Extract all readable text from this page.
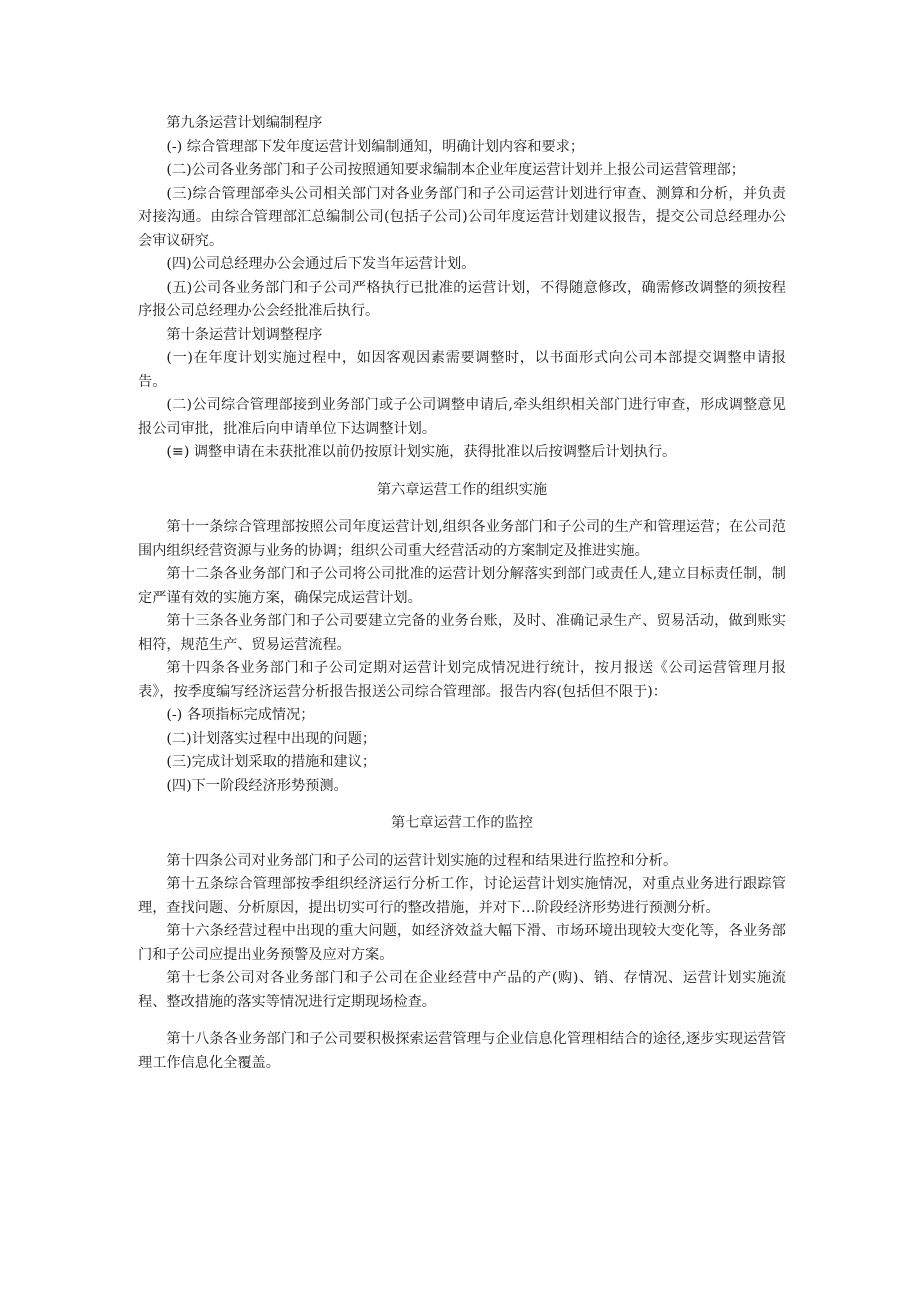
第九条运营计划编制程序

(-) 综合管理部下发年度运营计划编制通知，明确计划内容和要求；

(二)公司各业务部门和子公司按照通知要求编制本企业年度运营计划并上报公司运营管理部；

(三)综合管理部牵头公司相关部门对各业务部门和子公司运营计划进行审查、测算和分析，并负责对接沟通。由综合管理部汇总编制公司(包括子公司)公司年度运营计划建议报告，提交公司总经理办公会审议研究。

(四)公司总经理办公会通过后下发当年运营计划。

(五)公司各业务部门和子公司严格执行已批准的运营计划，不得随意修改，确需修改调整的须按程序报公司总经理办公会经批准后执行。

第十条运营计划调整程序

(一)在年度计划实施过程中，如因客观因素需要调整时，以书面形式向公司本部提交调整申请报告。

(二)公司综合管理部接到业务部门或子公司调整申请后,牵头组织相关部门进行审查，形成调整意见报公司审批，批准后向申请单位下达调整计划。

(≡) 调整申请在未获批准以前仍按原计划实施，获得批准以后按调整后计划执行。

第六章运营工作的组织实施

第十一条综合管理部按照公司年度运营计划,组织各业务部门和子公司的生产和管理运营；在公司范围内组织经营资源与业务的协调；组织公司重大经营活动的方案制定及推进实施。

第十二条各业务部门和子公司将公司批准的运营计划分解落实到部门或责任人,建立目标责任制，制定严谨有效的实施方案，确保完成运营计划。

第十三条各业务部门和子公司要建立完备的业务台账，及时、准确记录生产、贸易活动，做到账实相符，规范生产、贸易运营流程。

第十四条各业务部门和子公司定期对运营计划完成情况进行统计，按月报送《公司运营管理月报表》，按季度编写经济运营分析报告报送公司综合管理部。报告内容(包括但不限于)：

(-) 各项指标完成情况；

(二)计划落实过程中出现的问题；

(三)完成计划采取的措施和建议；

(四)下一阶段经济形势预测。

第七章运营工作的监控

第十四条公司对业务部门和子公司的运营计划实施的过程和结果进行监控和分析。

第十五条综合管理部按季组织经济运行分析工作，讨论运营计划实施情况，对重点业务进行跟踪管理，查找问题、分析原因，提出切实可行的整改措施，并对下…阶段经济形势进行预测分析。

第十六条经营过程中出现的重大问题，如经济效益大幅下滑、市场环境出现较大变化等，各业务部门和子公司应提出业务预警及应对方案。

第十七条公司对各业务部门和子公司在企业经营中产品的产(购)、销、存情况、运营计划实施流程、整改措施的落实等情况进行定期现场检查。

第十八条各业务部门和子公司要积极探索运营管理与企业信息化管理相结合的途径,逐步实现运营管理工作信息化全覆盖。
